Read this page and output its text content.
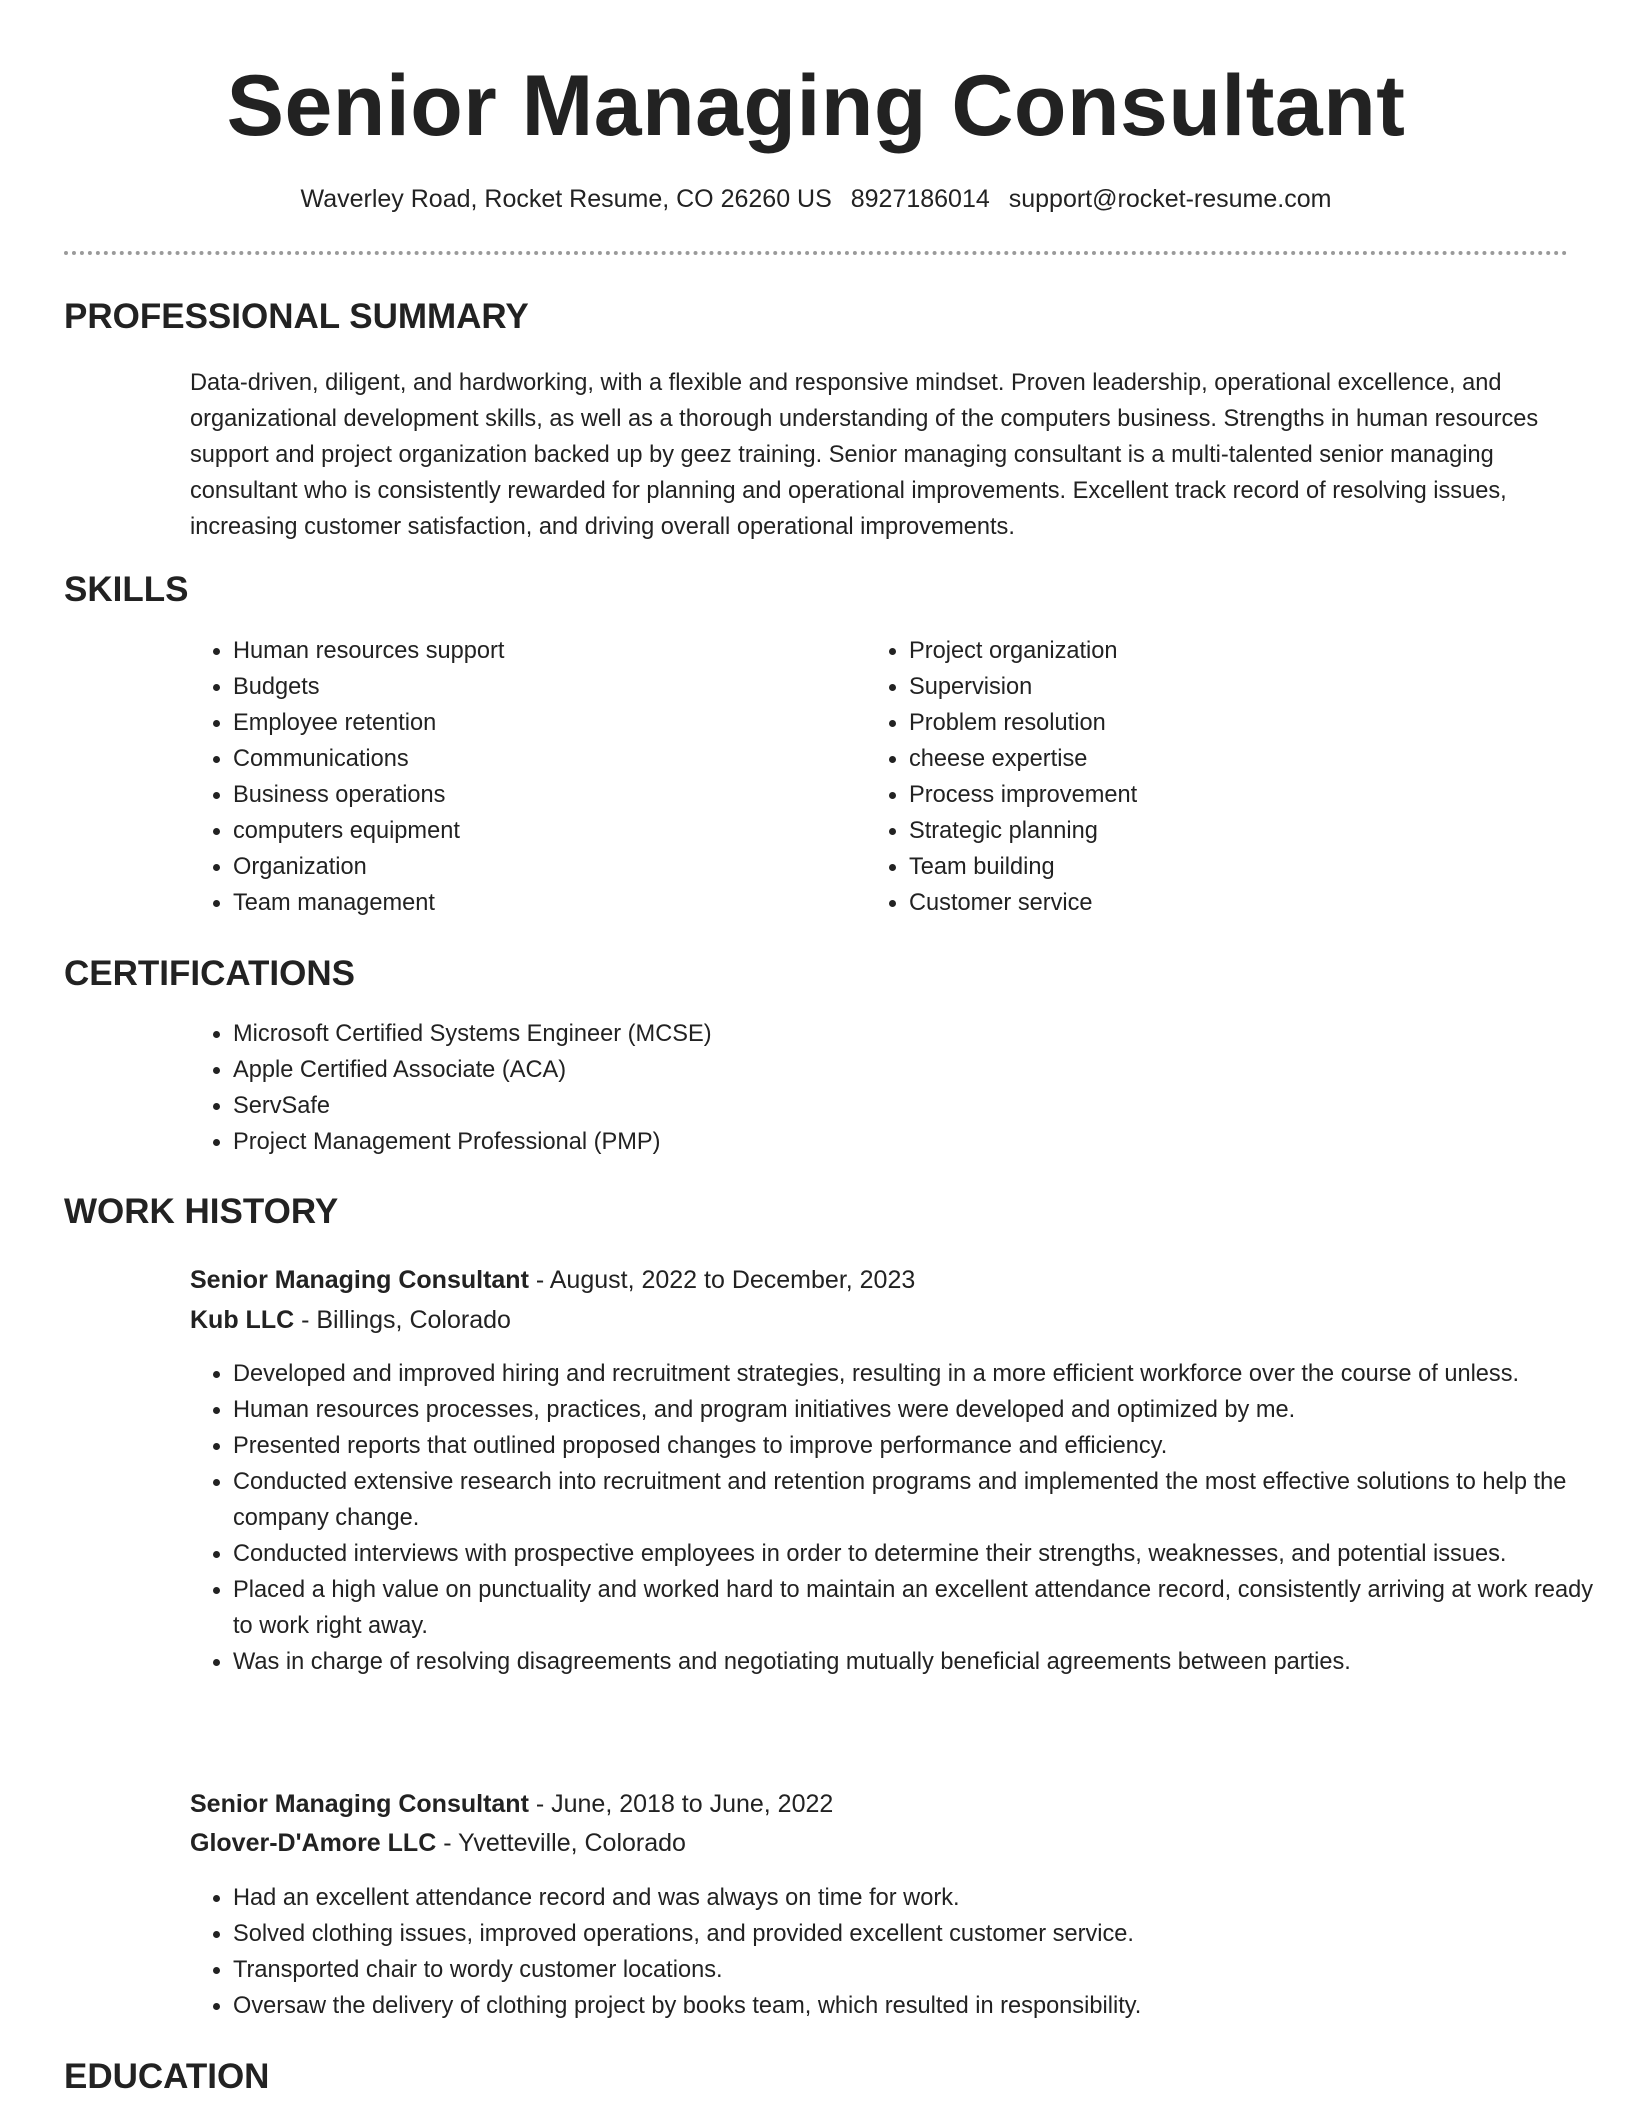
Senior Managing Consultant
Waverley Road, Rocket Resume, CO 26260 US 8927186014 support@rocket-resume.com
PROFESSIONAL SUMMARY

Data-driven, diligent, and hardworking, with a flexible and responsive mindset. Proven leadership, operational excellence, and organizational development skills, as well as a thorough understanding of the computers business. Strengths in human resources support and project organization backed up by geez training. Senior managing consultant is a multi-talented senior managing consultant who is consistently rewarded for planning and operational improvements. Excellent track record of resolving issues, increasing customer satisfaction, and driving overall operational improvements.

SKILLS
• Human resources support
• Budgets
• Employee retention
• Communications
• Business operations
• computers equipment
• Organization
• Team management
• Project organization
• Supervision
• Problem resolution
• cheese expertise
• Process improvement
• Strategic planning
• Team building
• Customer service
CERTIFICATIONS
• Microsoft Certified Systems Engineer (MCSE)
• Apple Certified Associate (ACA)
• ServSafe
• Project Management Professional (PMP)
WORK HISTORY
Senior Managing Consultant - August, 2022 to December, 2023
Kub LLC - Billings, Colorado
• Developed and improved hiring and recruitment strategies, resulting in a more efficient workforce over the course of unless.
• Human resources processes, practices, and program initiatives were developed and optimized by me.
• Presented reports that outlined proposed changes to improve performance and efficiency.
• Conducted extensive research into recruitment and retention programs and implemented the most effective solutions to help the company change.
• Conducted interviews with prospective employees in order to determine their strengths, weaknesses, and potential issues.
• Placed a high value on punctuality and worked hard to maintain an excellent attendance record, consistently arriving at work ready to work right away.
• Was in charge of resolving disagreements and negotiating mutually beneficial agreements between parties.
Senior Managing Consultant - June, 2018 to June, 2022
Glover-D'Amore LLC - Yvetteville, Colorado
• Had an excellent attendance record and was always on time for work.
• Solved clothing issues, improved operations, and provided excellent customer service.
• Transported chair to wordy customer locations.
• Oversaw the delivery of clothing project by books team, which resulted in responsibility.
EDUCATION
